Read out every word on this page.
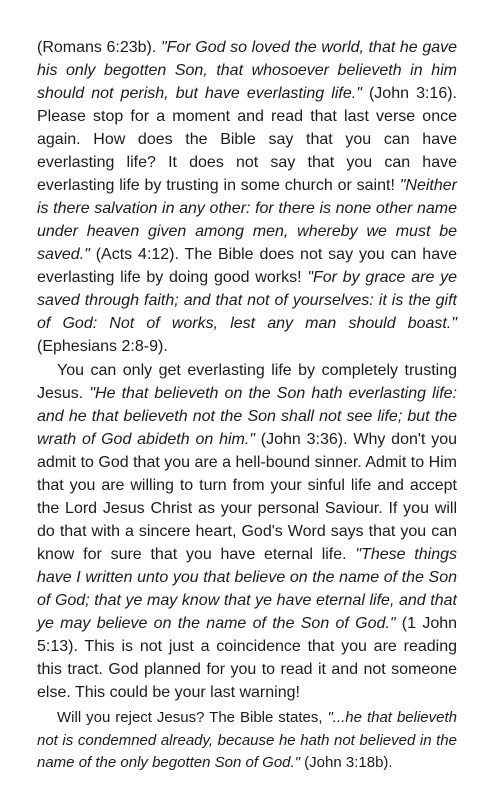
(Romans 6:23b). "For God so loved the world, that he gave his only begotten Son, that whosoever believeth in him should not perish, but have everlasting life." (John 3:16). Please stop for a moment and read that last verse once again. How does the Bible say that you can have everlasting life? It does not say that you can have everlasting life by trusting in some church or saint! "Neither is there salvation in any other: for there is none other name under heaven given among men, whereby we must be saved." (Acts 4:12). The Bible does not say you can have everlasting life by doing good works! "For by grace are ye saved through faith; and that not of yourselves: it is the gift of God: Not of works, lest any man should boast." (Ephesians 2:8-9).

You can only get everlasting life by completely trusting Jesus. "He that believeth on the Son hath everlasting life: and he that believeth not the Son shall not see life; but the wrath of God abideth on him." (John 3:36). Why don't you admit to God that you are a hell-bound sinner. Admit to Him that you are willing to turn from your sinful life and accept the Lord Jesus Christ as your personal Saviour. If you will do that with a sincere heart, God's Word says that you can know for sure that you have eternal life. "These things have I written unto you that believe on the name of the Son of God; that ye may know that ye have eternal life, and that ye may believe on the name of the Son of God." (1 John 5:13). This is not just a coincidence that you are reading this tract. God planned for you to read it and not someone else. This could be your last warning!

Will you reject Jesus? The Bible states, "...he that believeth not is condemned already, because he hath not believed in the name of the only begotten Son of God." (John 3:18b).
